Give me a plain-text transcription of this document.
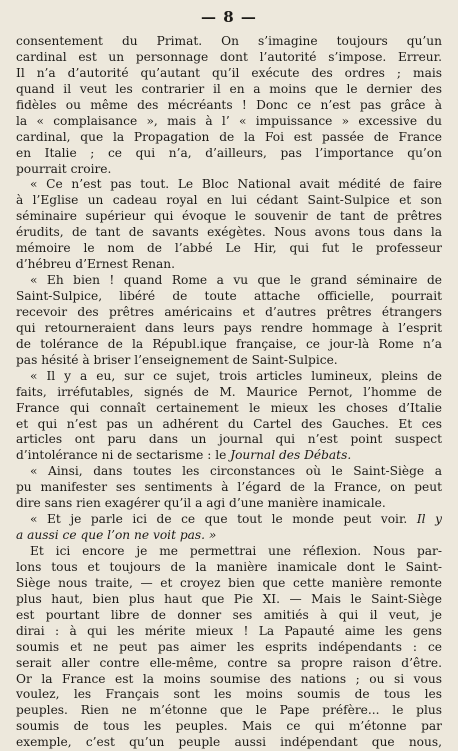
— 8 —
consentement du Primat. On s’imagine toujours qu’un
cardinal est un personnage dont l’autorité s’impose. Erreur.
Il n’a d’autorité qu’autant qu’il exécute des ordres ; mais
quand il veut les contrarier il en a moins que le dernier des
fidèles ou même des mécréants ! Donc ce n’est pas grâce à
la « complaisance », mais à l’ « impuissance » excessive du
cardinal, que la Propagation de la Foi est passée de France
en Italie ; ce qui n’a, d’ailleurs, pas l’importance qu’on
pourrait croire.
« Ce n’est pas tout. Le Bloc National avait médité de faire
à l’Eglise un cadeau royal en lui cédant Saint-Sulpice et son
séminaire supérieur qui évoque le souvenir de tant de prêtres
érudits, de tant de savants exégètes. Nous avons tous dans la
mémoire le nom de l’abbé Le Hir, qui fut le professeur
d’hébreu d’Ernest Renan.
« Eh bien ! quand Rome a vu que le grand séminaire de
Saint-Sulpice, libéré de toute attache officielle, pourrait
recevoir des prêtres américains et d’autres prêtres étrangers
qui retourneraient dans leurs pays rendre hommage à l’esprit
de tolérance de la Républ.ique française, ce jour-là Rome n’a
pas hésité à briser l’enseignement de Saint-Sulpice.
« Il y a eu, sur ce sujet, trois articles lumineux, pleins de
faits, irréfutables, signés de M. Maurice Pernot, l’homme de
France qui connaît certainement le mieux les choses d’Italie
et qui n’est pas un adhérent du Cartel des Gauches. Et ces
articles ont paru dans un journal qui n’est point suspect
d’intolérance ni de sectarisme : le Journal des Débats.
« Ainsi, dans toutes les circonstances où le Saint-Siège a
pu manifester ses sentiments à l’égard de la France, on peut
dire sans rien exagérer qu’il a agi d’une manière inamicale.
« Et je parle ici de ce que tout le monde peut voir. Il y
a aussi ce que l’on ne voit pas. »
Et ici encore je me permettrai une réflexion. Nous par-
lons tous et toujours de la manière inamicale dont le Saint-
Siège nous traite, — et croyez bien que cette manière remonte
plus haut, bien plus haut que Pie XI. — Mais le Saint-Siège
est pourtant libre de donner ses amitiés à qui il veut, je
dirai : à qui les mérite mieux ! La Papauté aime les gens
soumis et ne peut pas aimer les esprits indépendants : ce
serait aller contre elle-même, contre sa propre raison d’être.
Or la France est la moins soumise des nations ; ou si vous
voulez, les Français sont les moins soumis de tous les
peuples. Rien ne m’étonne que le Pape préfère... le plus
soumis de tous les peuples. Mais ce qui m’étonne par
exemple, c’est qu’un peuple aussi indépendant que nous,
